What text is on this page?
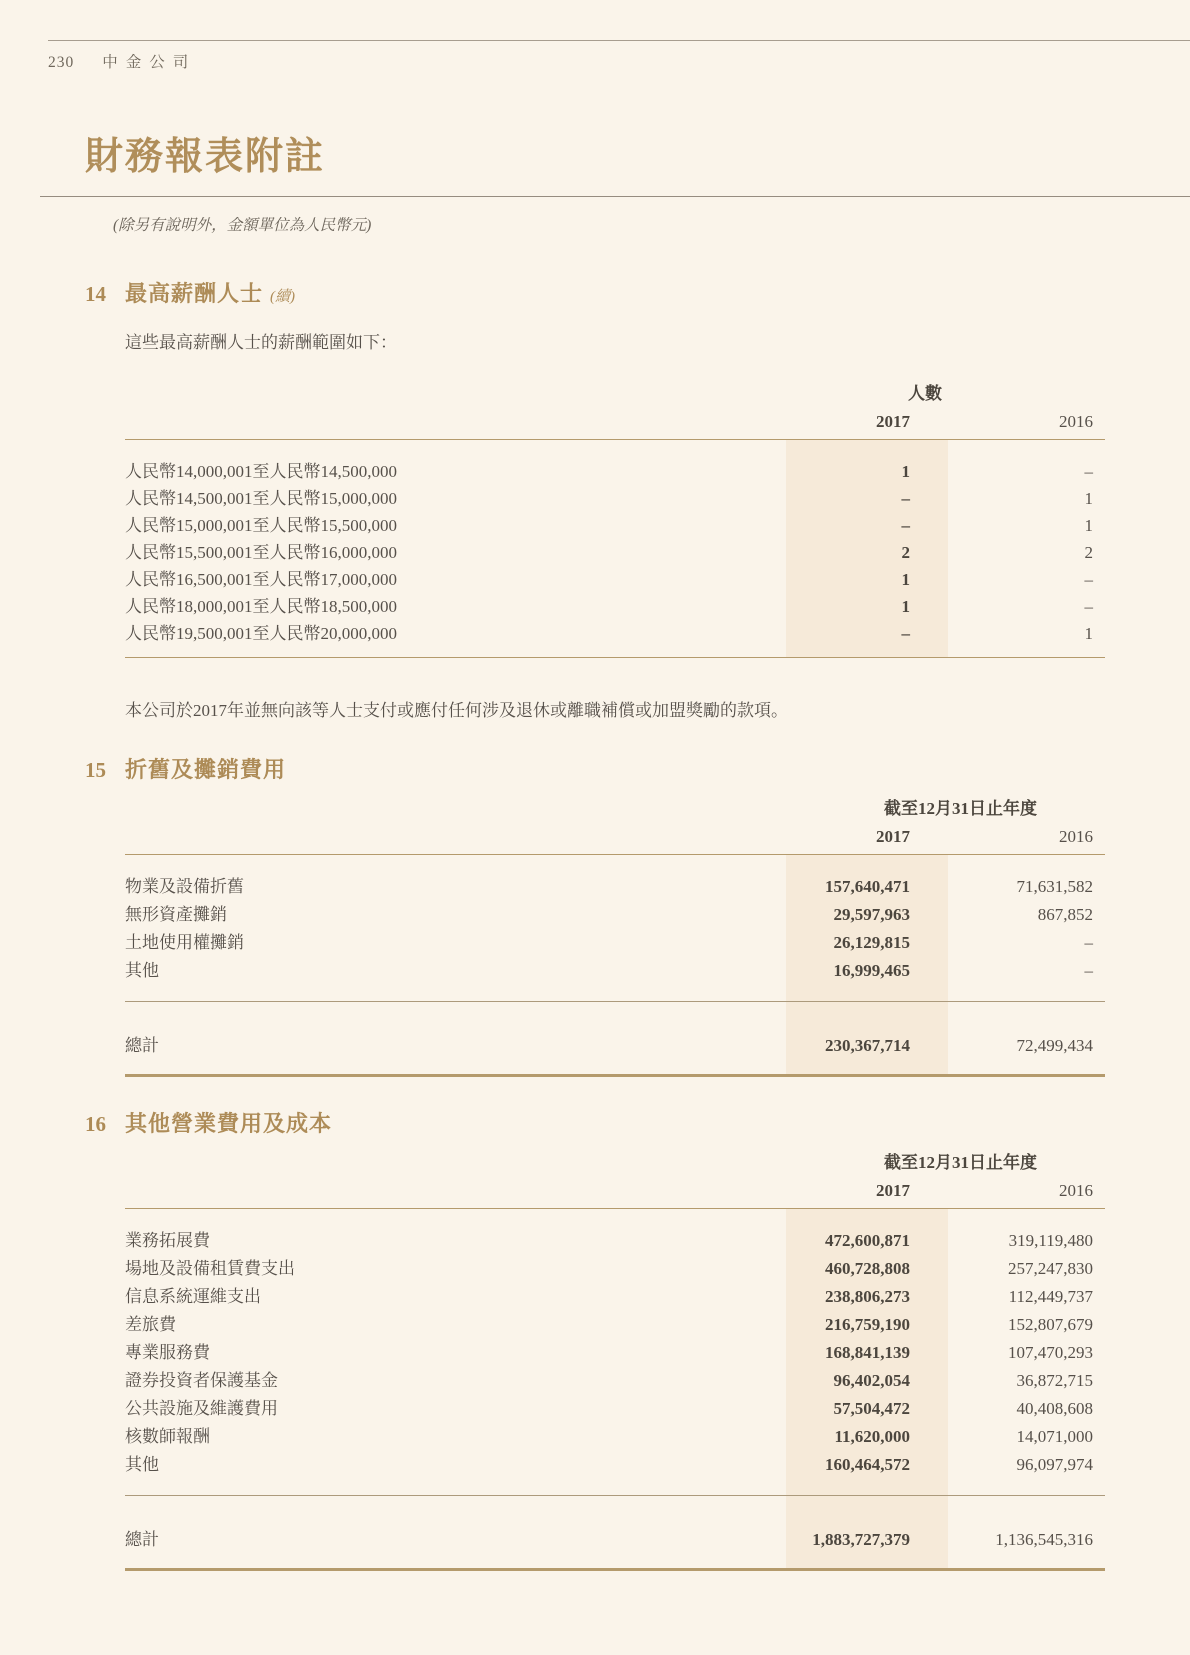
230 中金公司
財務報表附註

(除另有說明外，金額單位為人民幣元)

14 最高薪酬人士 (續)

這些最高薪酬人士的薪酬範圍如下：

人數
2017	2016
人民幣14,000,001至人民幣14,500,000	1	–
人民幣14,500,001至人民幣15,000,000	–	1
人民幣15,000,001至人民幣15,500,000	–	1
人民幣15,500,001至人民幣16,000,000	2	2
人民幣16,500,001至人民幣17,000,000	1	–
人民幣18,000,001至人民幣18,500,000	1	–
人民幣19,500,001至人民幣20,000,000	–	1

本公司於2017年並無向該等人士支付或應付任何涉及退休或離職補償或加盟獎勵的款項。

15 折舊及攤銷費用
截至12月31日止年度
2017	2016
物業及設備折舊	157,640,471	71,631,582
無形資產攤銷	29,597,963	867,852
土地使用權攤銷	26,129,815	–
其他	16,999,465	–
總計	230,367,714	72,499,434
16 其他營業費用及成本
截至12月31日止年度
2017	2016
業務拓展費	472,600,871	319,119,480
場地及設備租賃費支出	460,728,808	257,247,830
信息系統運維支出	238,806,273	112,449,737
差旅費	216,759,190	152,807,679
專業服務費	168,841,139	107,470,293
證券投資者保護基金	96,402,054	36,872,715
公共設施及維護費用	57,504,472	40,408,608
核數師報酬	11,620,000	14,071,000
其他	160,464,572	96,097,974
總計	1,883,727,379	1,136,545,316
